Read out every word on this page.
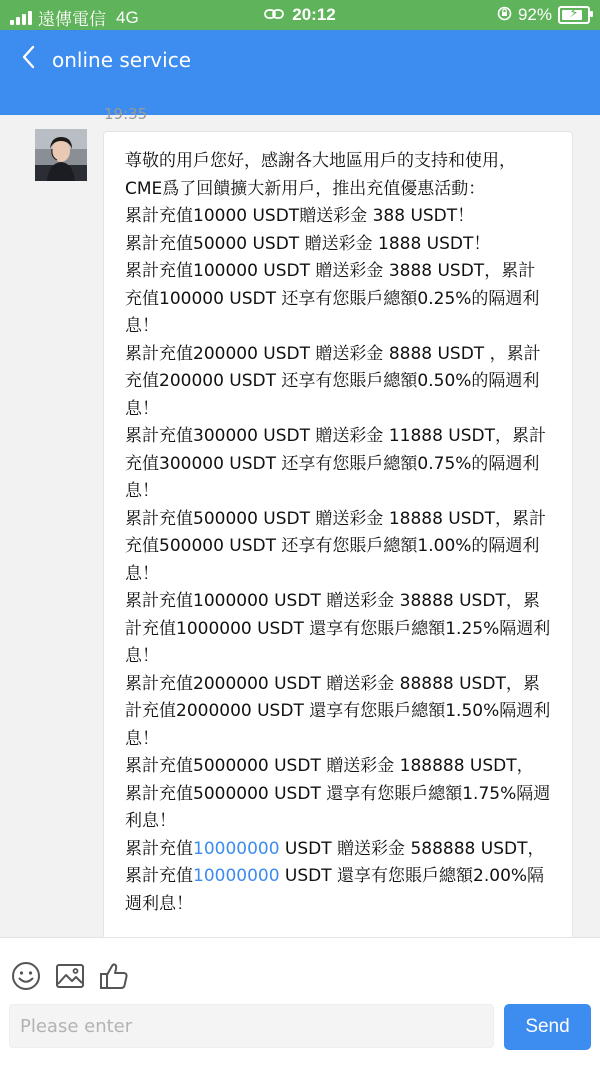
遠傳電信 4G	20:12	92%	⚡
online service
19:35

尊敬的用戶您好，感謝各大地區用戶的支持和使用，CME爲了回饋擴大新用戶，推出充值優惠活動：

累計充值10000 USDT贈送彩金 388 USDT！

累計充值50000 USDT 贈送彩金 1888 USDT！

累計充值100000 USDT 贈送彩金 3888 USDT，累計充值100000 USDT 还享有您賬戶總額0.25%的隔週利息！

累計充值200000 USDT 贈送彩金 8888 USDT ，累計充值200000 USDT 还享有您賬戶總額0.50%的隔週利息！

累計充值300000 USDT 贈送彩金 11888 USDT，累計充值300000 USDT 还享有您賬戶總額0.75%的隔週利息！

累計充值500000 USDT 贈送彩金 18888 USDT，累計充值500000 USDT 还享有您賬戶總額1.00%的隔週利息！

累計充值1000000 USDT 贈送彩金 38888 USDT，累計充值1000000 USDT 還享有您賬戶總額1.25%隔週利息！

累計充值2000000 USDT 贈送彩金 88888 USDT，累計充值2000000 USDT 還享有您賬戶總額1.50%隔週利息！

累計充值5000000 USDT 贈送彩金 188888 USDT， 累計充值5000000 USDT 還享有您賬戶總額1.75%隔週利息！

累計充值10000000 USDT 贈送彩金 588888 USDT， 累計充值10000000 USDT 還享有您賬戶總額2.00%隔週利息！

Please enter
Send
